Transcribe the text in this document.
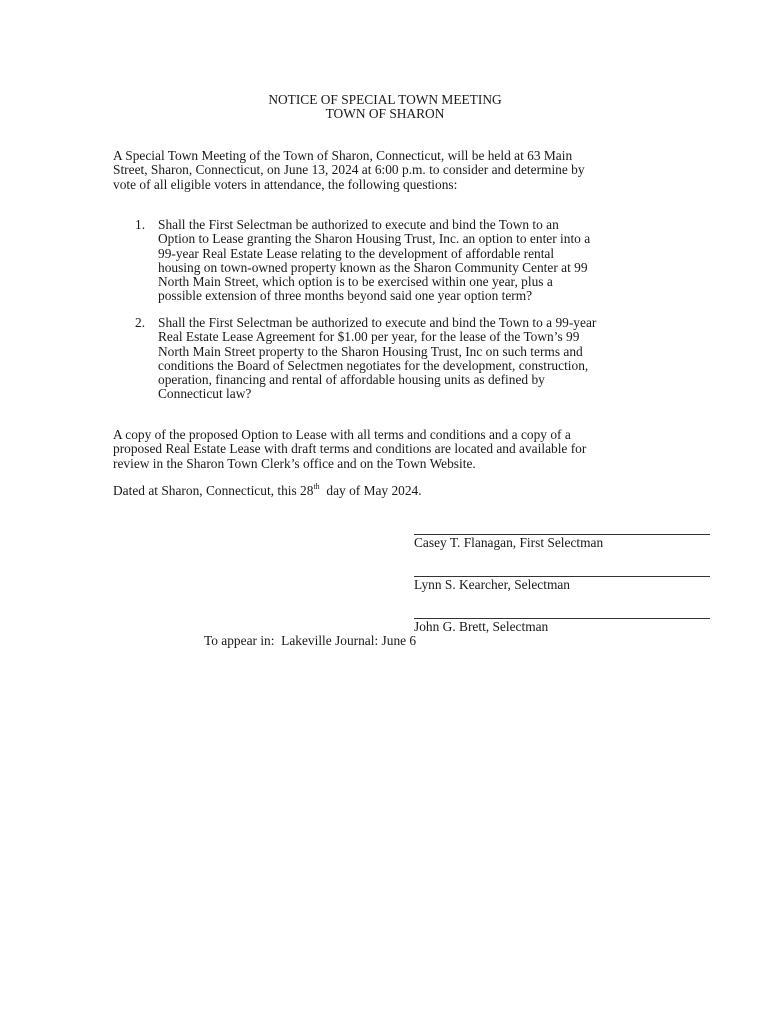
NOTICE OF SPECIAL TOWN MEETING
TOWN OF SHARON
A Special Town Meeting of the Town of Sharon, Connecticut, will be held at 63 Main
Street, Sharon, Connecticut, on June 13, 2024 at 6:00 p.m. to consider and determine by
vote of all eligible voters in attendance, the following questions:
1. Shall the First Selectman be authorized to execute and bind the Town to an
Option to Lease granting the Sharon Housing Trust, Inc. an option to enter into a
99-year Real Estate Lease relating to the development of affordable rental
housing on town-owned property known as the Sharon Community Center at 99
North Main Street, which option is to be exercised within one year, plus a
possible extension of three months beyond said one year option term?
2. Shall the First Selectman be authorized to execute and bind the Town to a 99-year
Real Estate Lease Agreement for $1.00 per year, for the lease of the Town’s 99
North Main Street property to the Sharon Housing Trust, Inc on such terms and
conditions the Board of Selectmen negotiates for the development, construction,
operation, financing and rental of affordable housing units as defined by
Connecticut law?
A copy of the proposed Option to Lease with all terms and conditions and a copy of a
proposed Real Estate Lease with draft terms and conditions are located and available for
review in the Sharon Town Clerk’s office and on the Town Website.
Dated at Sharon, Connecticut, this 28th  day of May 2024.
Casey T. Flanagan, First Selectman
Lynn S. Kearcher, Selectman
John G. Brett, Selectman
To appear in:  Lakeville Journal: June 6
